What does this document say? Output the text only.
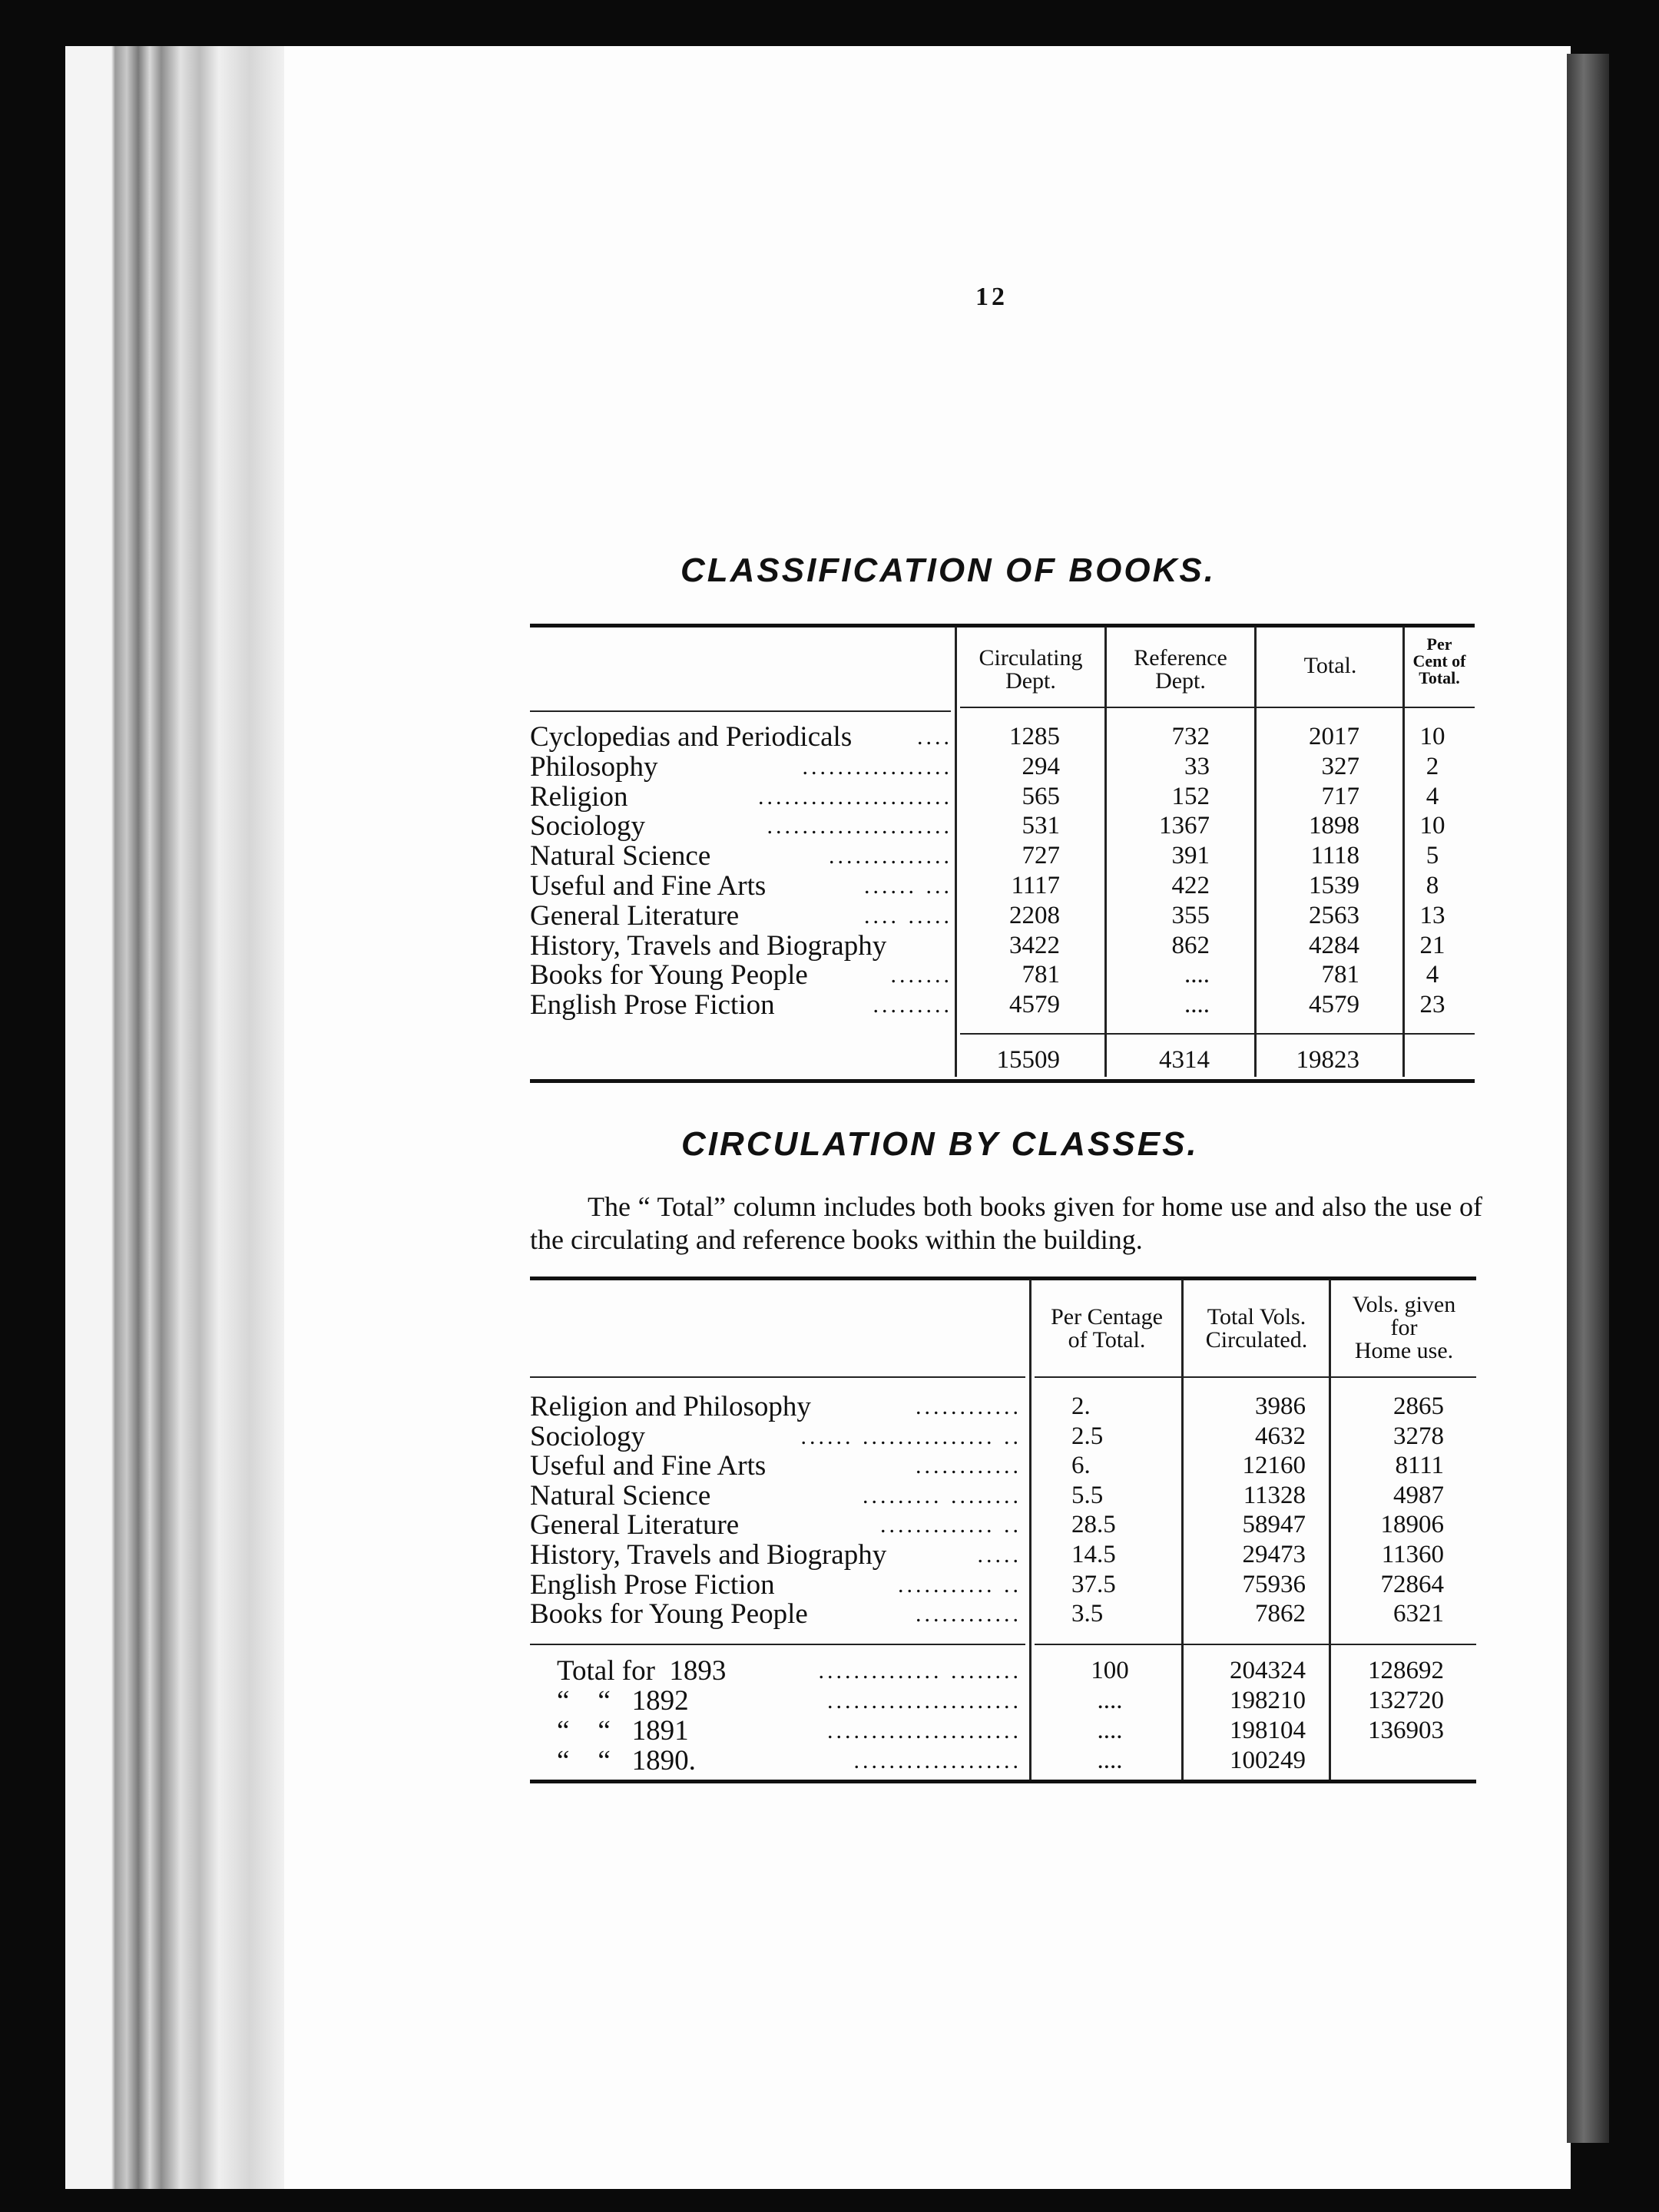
12
CLASSIFICATION OF BOOKS.
Circulating
Dept.
Reference
Dept.
Total.
Per
Cent of
Total.
Cyclopedias and Periodicals	....	1285	732	2017	10
Philosophy	.................	294	33	327	2
Religion	......................	565	152	717	4
Sociology	.....................	531	1367	1898	10
Natural Science	..............	727	391	1118	5
Useful and Fine Arts	...... ...	1117	422	1539	8
General Literature	.... .....	2208	355	2563	13
History, Travels and Biography	3422	862	4284	21
Books for Young People	.......	781	....	781	4
English Prose Fiction	.........	4579	....	4579	23
15509	4314	19823
CIRCULATION BY CLASSES.

The “ Total” column includes both books given for home use and also the use of the circulating and reference books within the building.

Per Centage
of Total.
Total Vols.
Circulated.
Vols. given
for
Home use.
Religion and Philosophy	............ 2.	3986	2865
Sociology	...... ............... .. 2.5	4632	3278
Useful and Fine Arts	............ 6.	12160	8111
Natural Science	......... ........ 5.5	11328	4987
General Literature	............. .. 28.5	58947	18906
History, Travels and Biography	..... 14.5	29473	11360
English Prose Fiction	........... .. 37.5	75936	72864
Books for Young People	............ 3.5	7862	6321
Total for  1893	.............. ........	100	204324	128692
“    “   1892	......................	....	198210	132720
“    “   1891	......................	....	198104	136903
“    “   1890.	...................	....	100249
